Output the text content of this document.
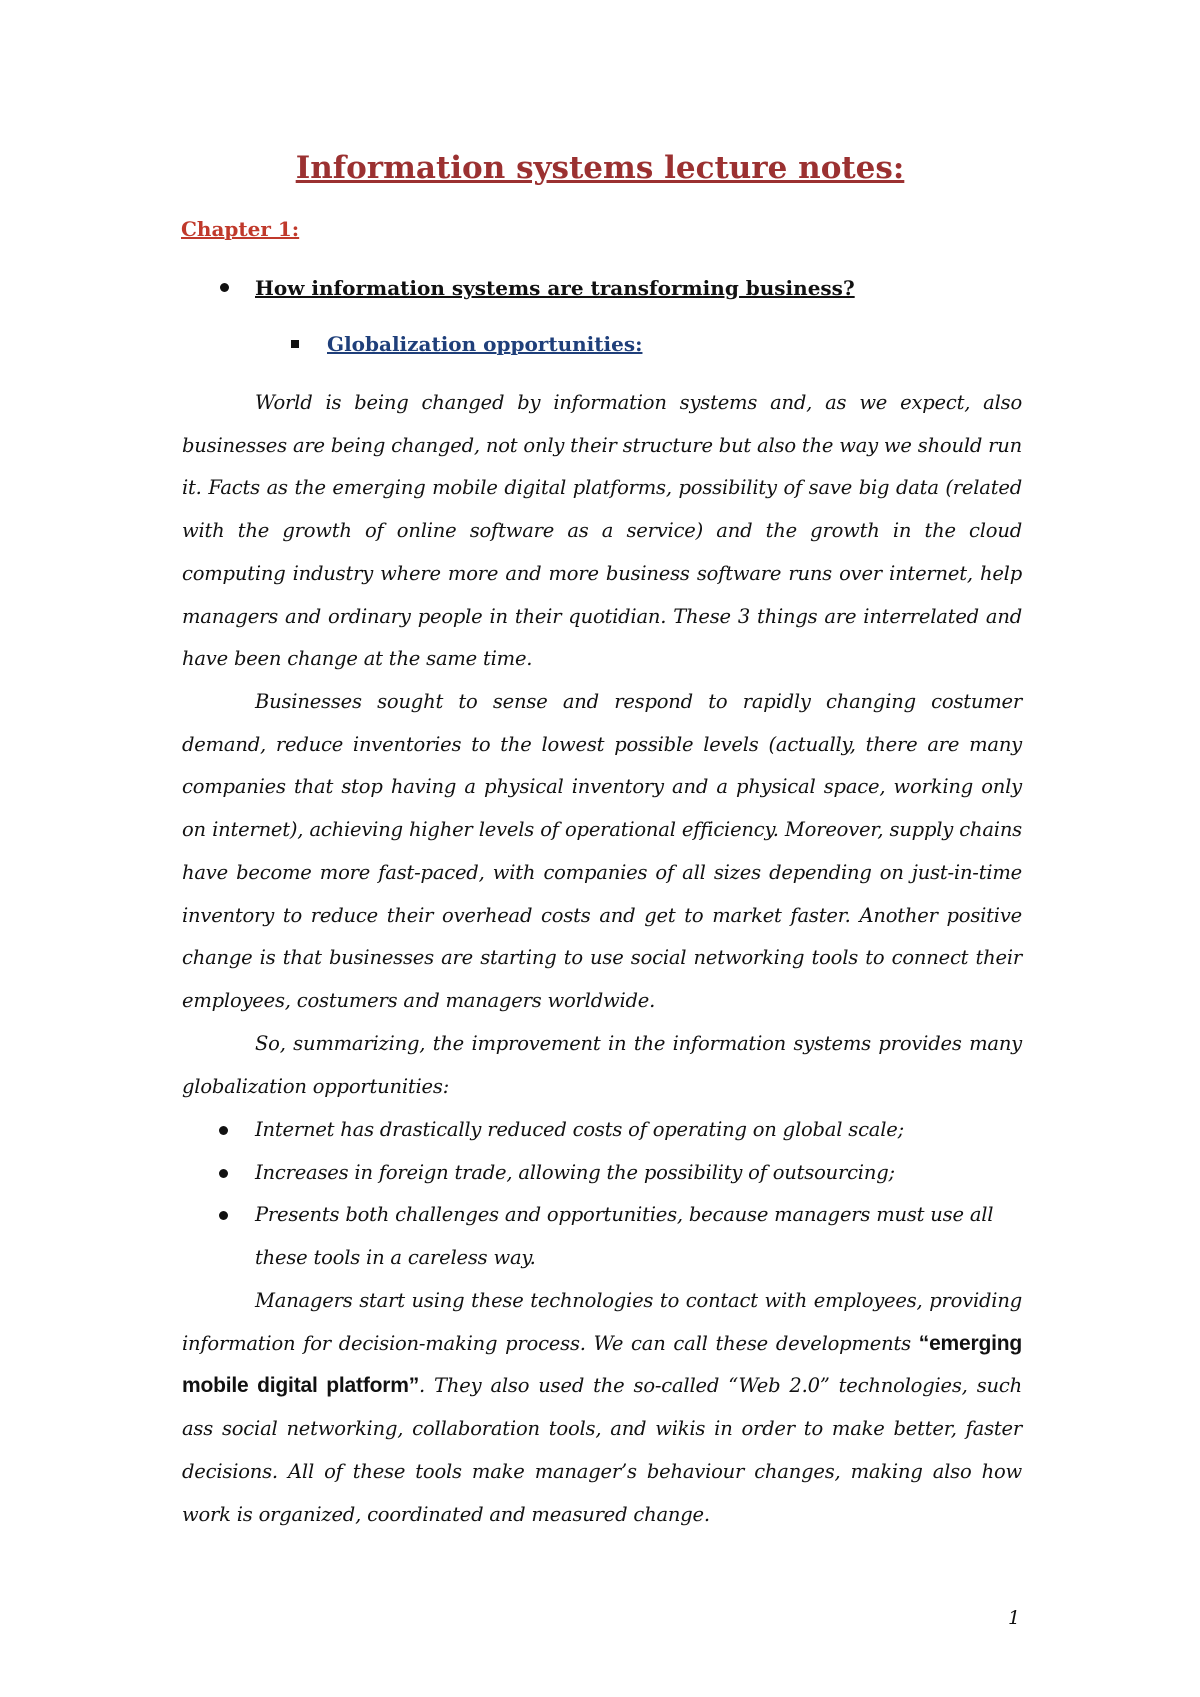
Information systems lecture notes:
Chapter 1:
How information systems are transforming business?
Globalization opportunities:

World is being changed by information systems and, as we expect, also businesses are being changed, not only their structure but also the way we should run it. Facts as the emerging mobile digital platforms, possibility of save big data (related with the growth of online software as a service) and the growth in the cloud computing industry where more and more business software runs over internet, help managers and ordinary people in their quotidian. These 3 things are interrelated and have been change at the same time.

Businesses sought to sense and respond to rapidly changing costumer demand, reduce inventories to the lowest possible levels (actually, there are many companies that stop having a physical inventory and a physical space, working only on internet), achieving higher levels of operational efficiency. Moreover, supply chains have become more fast-paced, with companies of all sizes depending on just-in-time inventory to reduce their overhead costs and get to market faster. Another positive change is that businesses are starting to use social networking tools to connect their employees, costumers and managers worldwide.

So, summarizing, the improvement in the information systems provides many globalization opportunities:

Internet has drastically reduced costs of operating on global scale;
Increases in foreign trade, allowing the possibility of outsourcing;
Presents both challenges and opportunities, because managers must use all these tools in a careless way.

Managers start using these technologies to contact with employees, providing information for decision-making process. We can call these developments “emerging mobile digital platform”. They also used the so-called “Web 2.0” technologies, such ass social networking, collaboration tools, and wikis in order to make better, faster decisions. All of these tools make manager’s behaviour changes, making also how work is organized, coordinated and measured change.

1
